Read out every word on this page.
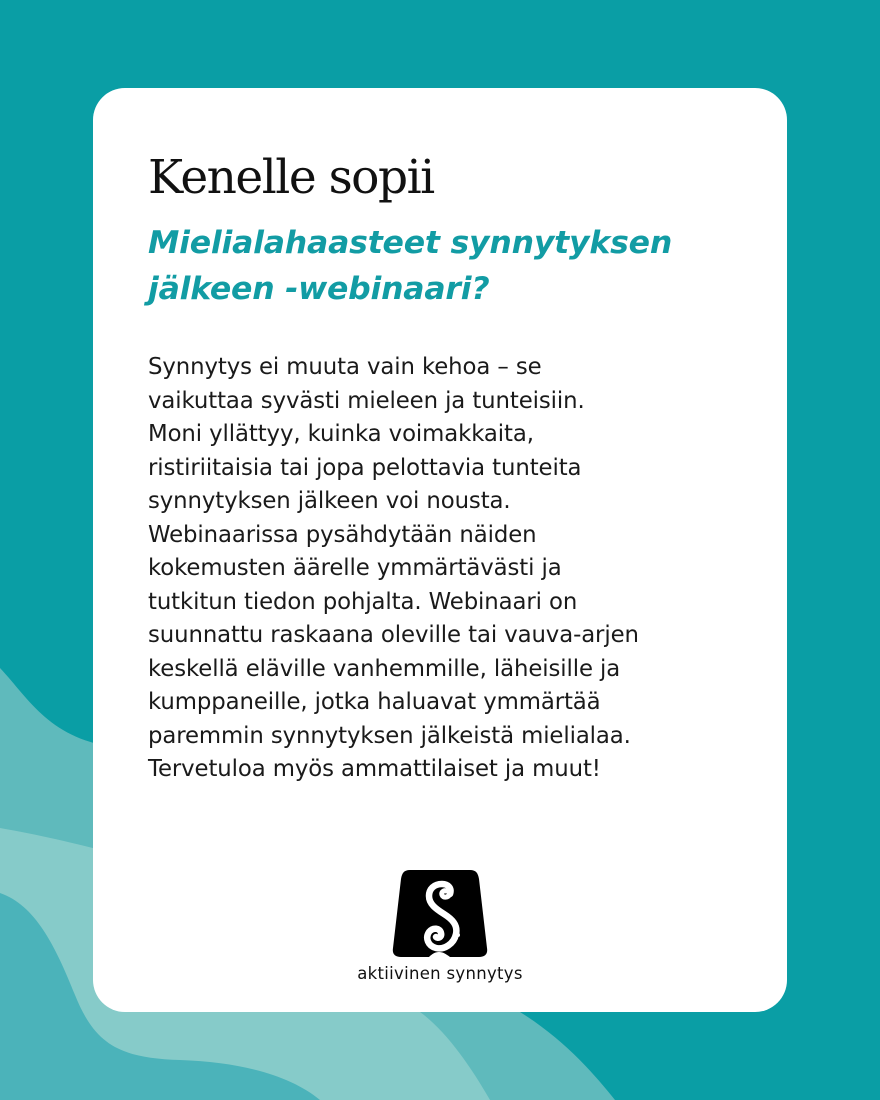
Kenelle sopii
Mielialahaasteet synnytyksen jälkeen -webinaari?
Synnytys ei muuta vain kehoa – se
vaikuttaa syvästi mieleen ja tunteisiin.
Moni yllättyy, kuinka voimakkaita,
ristiriitaisia tai jopa pelottavia tunteita
synnytyksen jälkeen voi nousta.
Webinaarissa pysähdytään näiden
kokemusten äärelle ymmärtävästi ja
tutkitun tiedon pohjalta. Webinaari on
suunnattu raskaana oleville tai vauva-arjen
keskellä eläville vanhemmille, läheisille ja
kumppaneille, jotka haluavat ymmärtää
paremmin synnytyksen jälkeistä mielialaa.
Tervetuloa myös ammattilaiset ja muut!
aktiivinen synnytys
